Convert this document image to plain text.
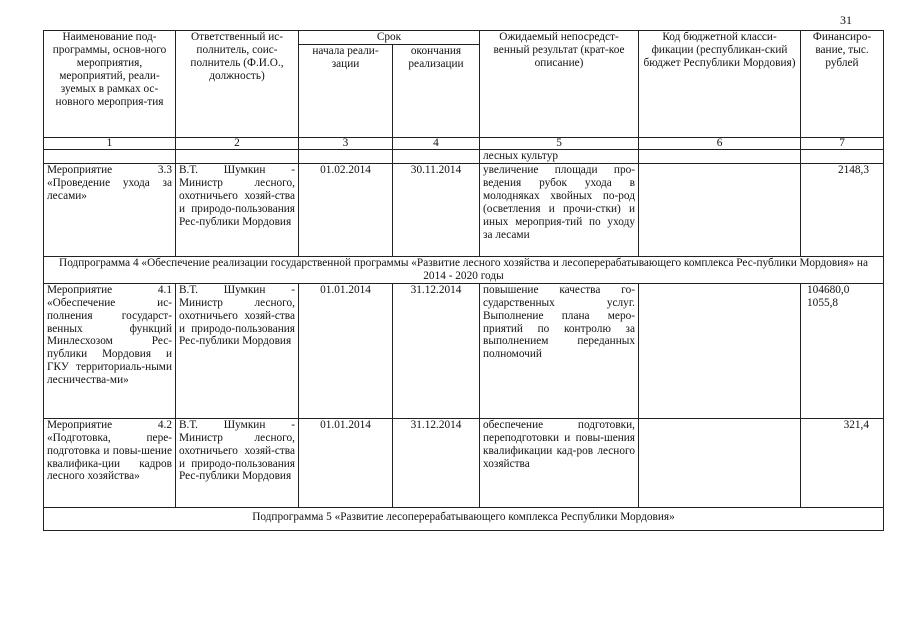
31
Наименование под-программы, основ-ного мероприятия, мероприятий, реали-зуемых в рамках ос-новного мероприя-тия	Ответственный ис-полнитель, соис-полнитель (Ф.И.О., должность)	Срок		Ожидаемый непосредст-венный результат (крат-кое описание)	Код бюджетной класси-фикации (республикан-ский бюджет Республики Мордовия)	Финансиро-вание, тыс. рублей
		начала реали-зации	окончания реализации			
1	2	3	4	5	6	7
				лесных культур		
Мероприятие 3.3 «Проведение ухода за лесами»	В.Т. Шумкин - Министр лесного, охотничьего хозяй-ства и природо-пользования Рес-публики Мордовия	01.02.2014	30.11.2014	увеличение площади про-ведения рубок ухода в молодняках хвойных по-род (осветления и прочи-стки) и иных мероприя-тий по уходу за лесами		2148,3
Подпрограмма 4 «Обеспечение реализации государственной программы «Развитие лесного хозяйства и лесоперерабатывающего комплекса Рес-публики Мордовия» на 2014 - 2020 годы						
Мероприятие 4.1 «Обеспечение ис-полнения государст-венных функций Минлесхозом Рес-публики Мордовия и ГКУ территориаль-ными лесничества-ми»	В.Т. Шумкин - Министр лесного, охотничьего хозяй-ства и природо-пользования Рес-публики Мордовия	01.01.2014	31.12.2014	повышение качества го-сударственных услуг. Выполнение плана меро-приятий по контролю за выполнением переданных полномочий		104680,0
1055,8

Мероприятие 4.2 «Подготовка, пере-подготовка и повы-шение квалифика-ции кадров лесного хозяйства»	В.Т. Шумкин - Министр лесного, охотничьего хозяй-ства и природо-пользования Рес-публики Мордовия	01.01.2014	31.12.2014	обеспечение подготовки, переподготовки и повы-шения квалификации кад-ров лесного хозяйства		321,4
Подпрограмма 5 «Развитие лесоперерабатывающего комплекса Республики Мордовия»						
